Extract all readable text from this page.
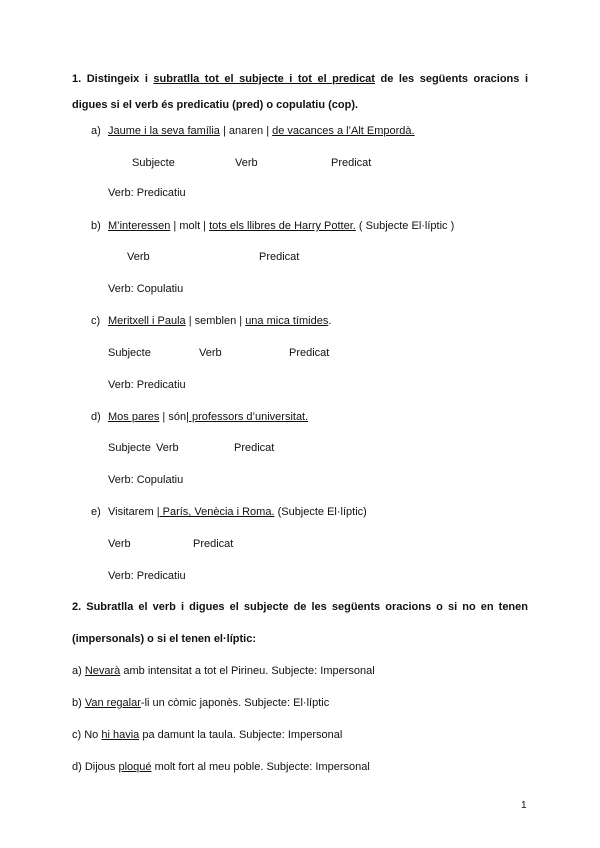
1. Distingeix i subratlla tot el subjecte i tot el predicat de les següents oracions i
digues si el verb és predicatiu (pred) o copulatiu (cop).
a) Jaume i la seva família | anaren | de vacances a l’Alt Empordà.
Subjecte	Verb	Predicat
Verb: Predicatiu
b) M’interessen | molt | tots els llibres de Harry Potter. ( Subjecte El·líptic )
Verb	Predicat
Verb: Copulatiu
c) Meritxell i Paula | semblen | una mica tímides.
Subjecte	Verb	Predicat
Verb: Predicatiu
d) Mos pares | són| professors d’universitat.
Subjecte Verb	Predicat
Verb: Copulatiu
e) Visitarem | París, Venècia i Roma. (Subjecte El·líptic)
Verb	Predicat
Verb: Predicatiu
2. Subratlla el verb i digues el subjecte de les següents oracions o si no en tenen
(impersonals) o si el tenen el·líptic:
a) Nevarà amb intensitat a tot el Pirineu. Subjecte: Impersonal
b) Van regalar-li un còmic japonès. Subjecte: El·líptic
c) No hi havia pa damunt la taula. Subjecte: Impersonal
d) Dijous ploqué molt fort al meu poble. Subjecte: Impersonal
1
